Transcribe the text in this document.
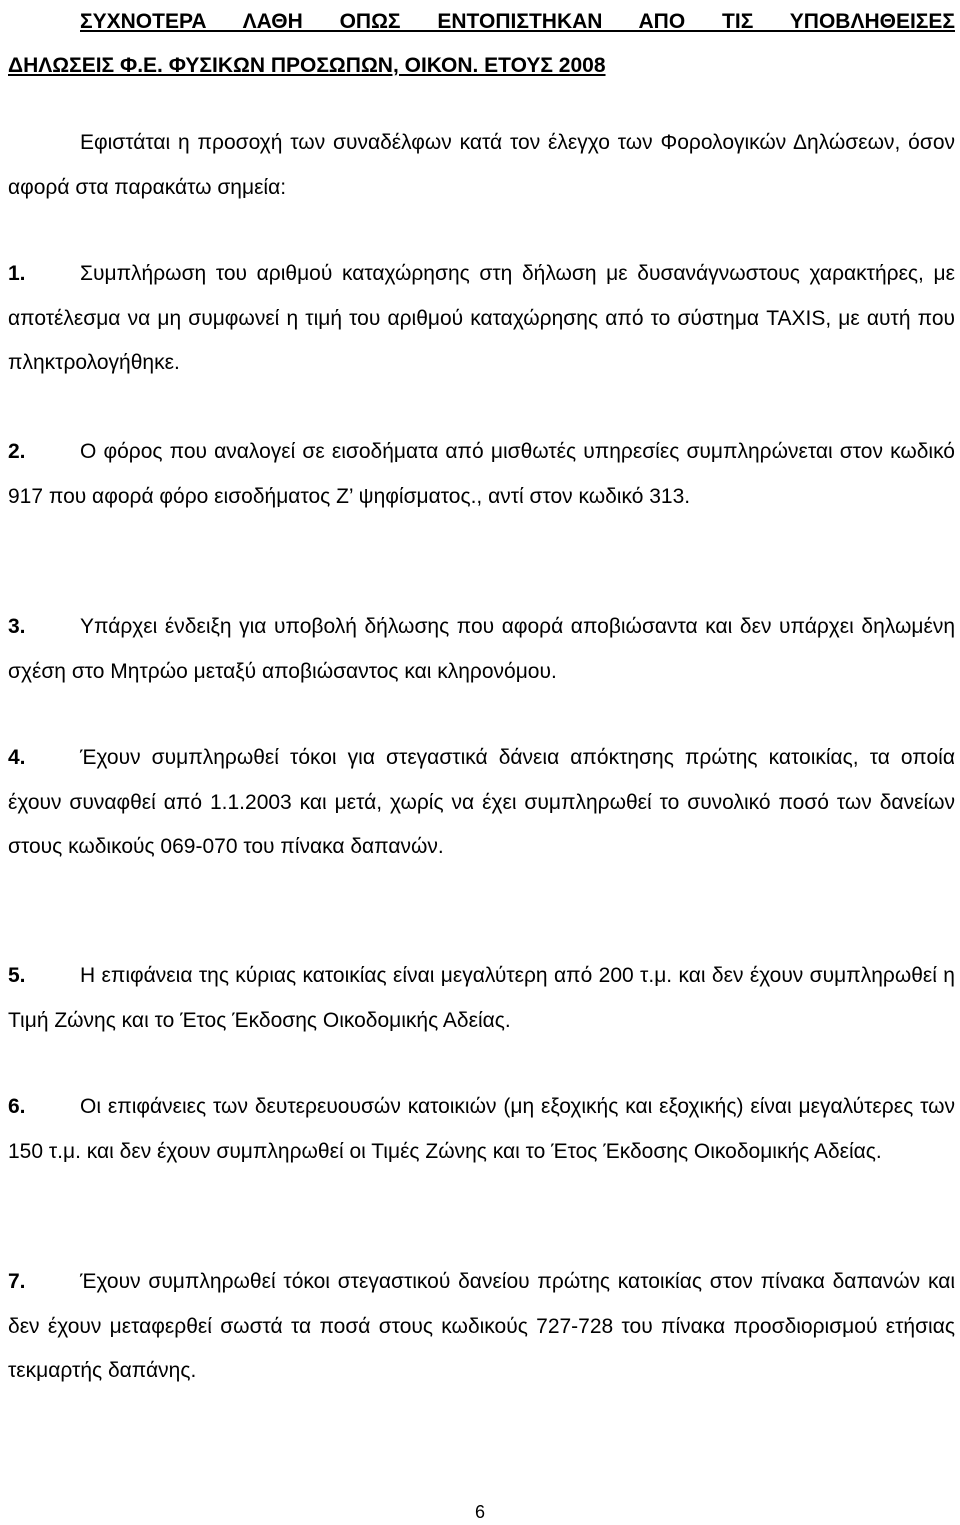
ΣΥΧΝΟΤΕΡΑ ΛΑΘΗ ΟΠΩΣ ΕΝΤΟΠΙΣΤΗΚΑΝ ΑΠΟ ΤΙΣ ΥΠΟΒΛΗΘΕΙΣΕΣ
ΔΗΛΩΣΕΙΣ Φ.Ε. ΦΥΣΙΚΩΝ ΠΡΟΣΩΠΩΝ, ΟΙΚΟΝ. ΕΤΟΥΣ 2008

Εφιστάται η προσοχή των συναδέλφων κατά τον έλεγχο των Φορολογικών Δηλώσεων, όσον αφορά στα παρακάτω σημεία:

1.	Συμπλήρωση του αριθμού καταχώρησης στη δήλωση με δυσανάγνωστους χαρακτήρες, με αποτέλεσμα να μη συμφωνεί η τιμή του αριθμού καταχώρησης από το σύστημα TAXIS, με αυτή που πληκτρολογήθηκε.

2.	Ο φόρος που αναλογεί σε εισοδήματα από μισθωτές υπηρεσίες συμπληρώνεται στον κωδικό 917 που αφορά φόρο εισοδήματος Ζ’ ψηφίσματος., αντί στον κωδικό 313.

3.	Υπάρχει ένδειξη για υποβολή δήλωσης που αφορά αποβιώσαντα και δεν υπάρχει δηλωμένη σχέση στο Μητρώο μεταξύ αποβιώσαντος και κληρονόμου.

4.	Έχουν συμπληρωθεί τόκοι για στεγαστικά δάνεια απόκτησης πρώτης κατοικίας, τα οποία έχουν συναφθεί από 1.1.2003 και μετά, χωρίς να έχει συμπληρωθεί το συνολικό ποσό των δανείων στους κωδικούς 069-070 του πίνακα δαπανών.

5.	Η επιφάνεια της κύριας κατοικίας είναι μεγαλύτερη από 200 τ.μ. και δεν έχουν συμπληρωθεί η Τιμή Ζώνης και το Έτος Έκδοσης Οικοδομικής Αδείας.

6.	Οι επιφάνειες των δευτερευουσών κατοικιών (μη εξοχικής και εξοχικής) είναι μεγαλύτερες των 150 τ.μ. και δεν έχουν συμπληρωθεί οι Τιμές Ζώνης και το Έτος Έκδοσης Οικοδομικής Αδείας.

7.	Έχουν συμπληρωθεί τόκοι στεγαστικού δανείου πρώτης κατοικίας στον πίνακα δαπανών και δεν έχουν μεταφερθεί σωστά τα ποσά στους κωδικούς 727-728 του πίνακα προσδιορισμού ετήσιας τεκμαρτής δαπάνης.

6
